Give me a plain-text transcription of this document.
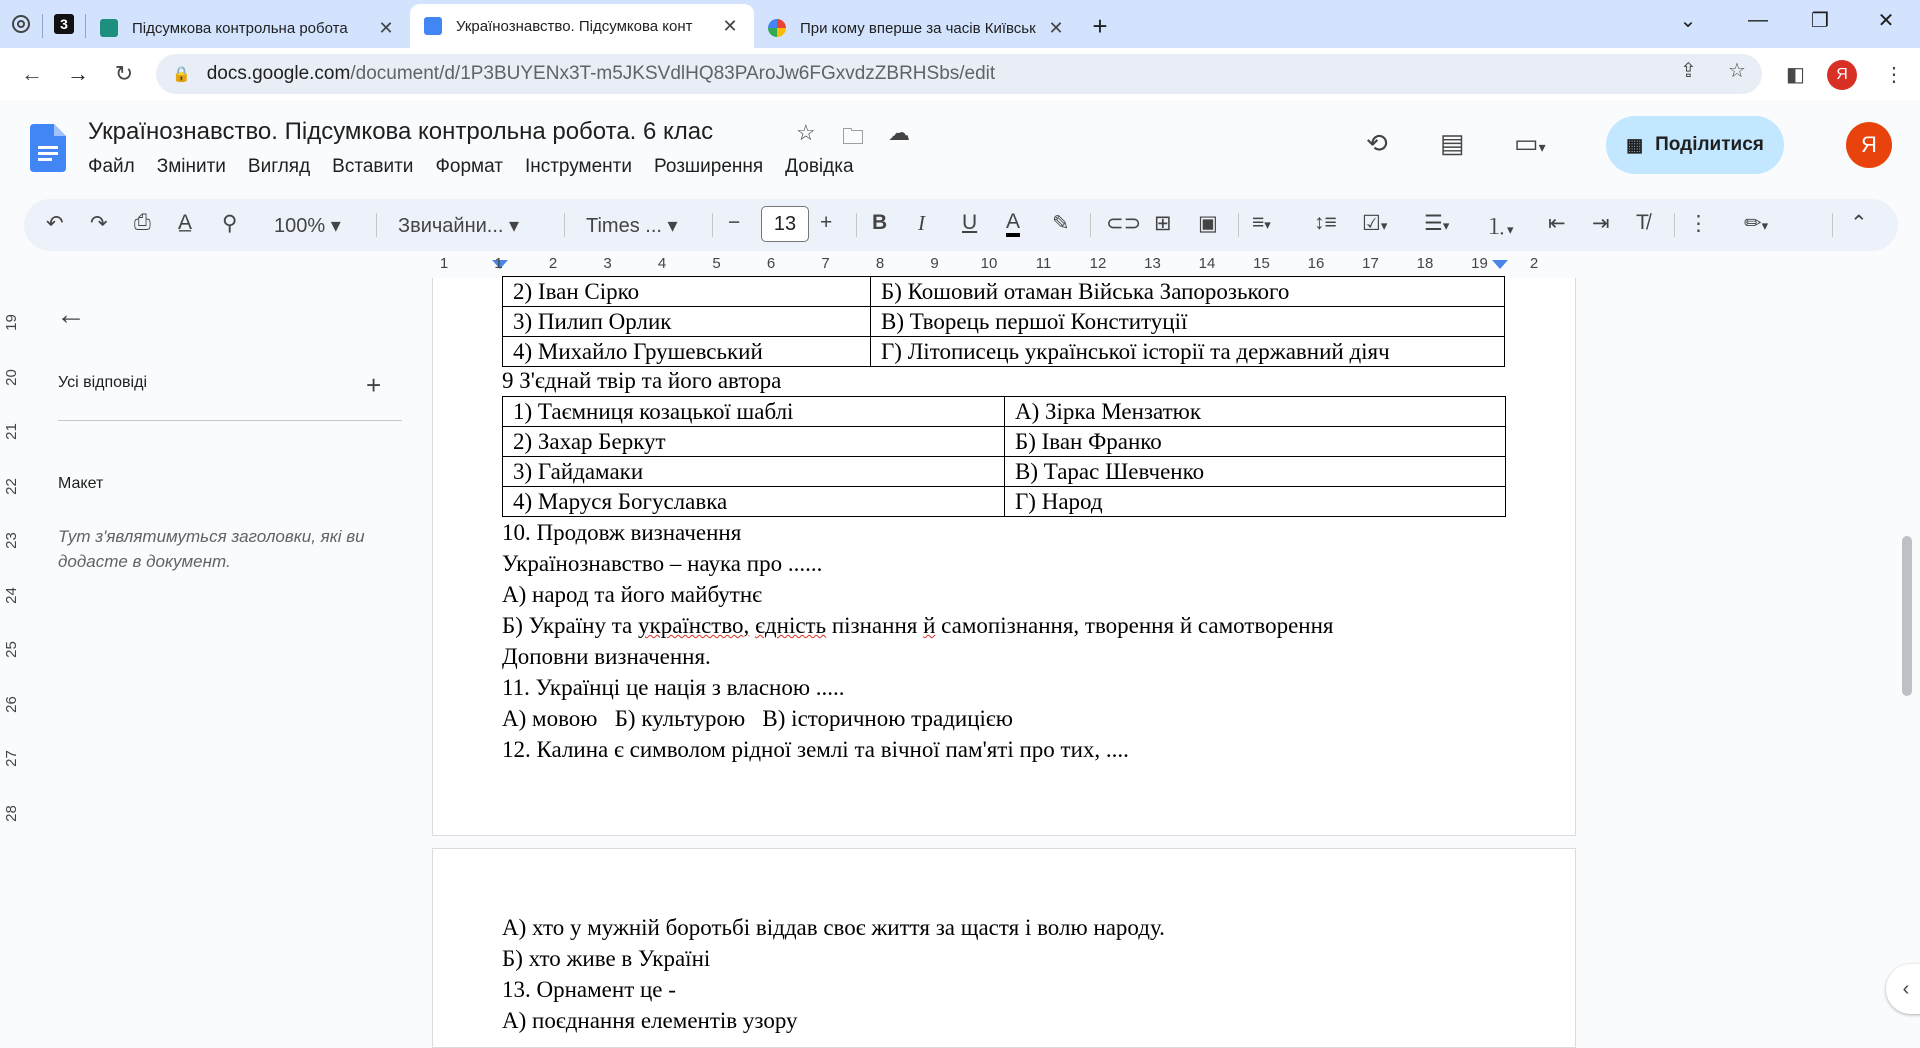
3	Підсумкова контрольна робота	✕	Українознавство. Підсумкова конт	✕	При кому вперше за часів Київськ ✕	+	⌄	—	❐	✕
←	→	↻	🔒 docs.google.com /document/d/1P3BUYENx3T-m5JKSVdlHQ83PAroJw6FGxvdzZBRHSbs/edit	⇪ ☆ ◧	Я	⋮
Українознавство. Підсумкова контрольна робота. 6 клас	☆ 🗀 ☁
Файл Змінити Вигляд Вставити Формат Інструменти Розширення Довідка
⟲ ▤ ▭▾	▦ Поділитися	Я
↶ ↷ ⎙ A̲ ⚲ 100% ▾	Звичайни... ▾	Times ... ▾ −	13	+ B I U A ✎ ⊂⊃ ⊞ ▣ ≡▾ ↕≡ ☑▾ ☰▾ ⒈▾ ⇤ ⇥ T̸ ⋮ ✏▾	⌃
1	1	2	3	4	5	6	7	8	9	10	11	12	13	14	15	16	17	18	19	2
19
20
21
22
23
24
25
26
27
28
←
Усі відповіді	+
Макет
Тут з'являтимуться заголовки, які ви додасте в документ.
2) Іван Сірко	Б) Кошовий отаман Війська Запорозького
3) Пилип Орлик	В) Творець першої Конституції
4) Михайло Грушевський	Г) Літописець української історії та державний діяч
9 З'єднай твір та його автора
1) Таємниця козацької шаблі	А) Зірка Мензатюк
2) Захар Беркут	Б) Іван Франко
3) Гайдамаки	В) Тарас Шевченко
4) Маруся Богуславка	Г) Народ
10. Продовж визначення
Українознавство – наука про ......
А) народ та його майбутнє
Б) Україну та українство, єдність пізнання й самопізнання, творення й самотворення
Доповни визначення.
11. Українці це нація з власною .....
А) мовою   Б) культурою   В) історичною традицією
12. Калина є символом рідної землі та вічної пам'яті про тих, ....
А) хто у мужній боротьбі віддав своє життя за щастя і волю народу.
Б) хто живе в Україні
13. Орнамент це -
А) поєднання елементів узору
‹
